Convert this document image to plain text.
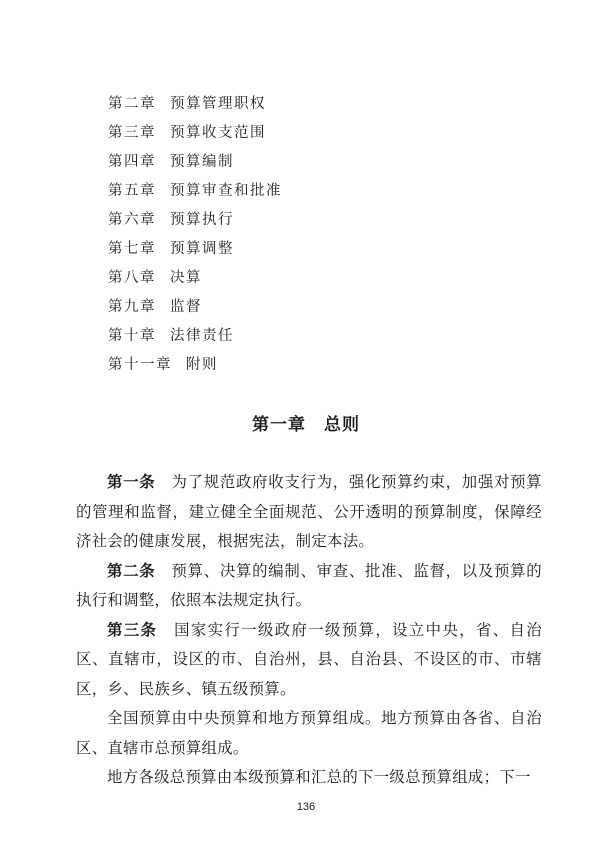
第二章 预算管理职权
第三章 预算收支范围
第四章 预算编制
第五章 预算审查和批准
第六章 预算执行
第七章 预算调整
第八章 决算
第九章 监督
第十章 法律责任
第十一章 附则
第一章　总则

第一条　 为了规范政府收支行为，强化预算约束，加强对预算的管理和监督，建立健全全面规范、公开透明的预算制度，保障经济社会的健康发展，根据宪法，制定本法。

第二条　 预算、决算的编制、审查、批准、监督，以及预算的执行和调整，依照本法规定执行。

第三条　 国家实行一级政府一级预算，设立中央，省、自治区、直辖市，设区的市、自治州，县、自治县、不设区的市、市辖区，乡、民族乡、镇五级预算。

全国预算由中央预算和地方预算组成。地方预算由各省、自治区、直辖市总预算组成。

地方各级总预算由本级预算和汇总的下一级总预算组成；下一

136
